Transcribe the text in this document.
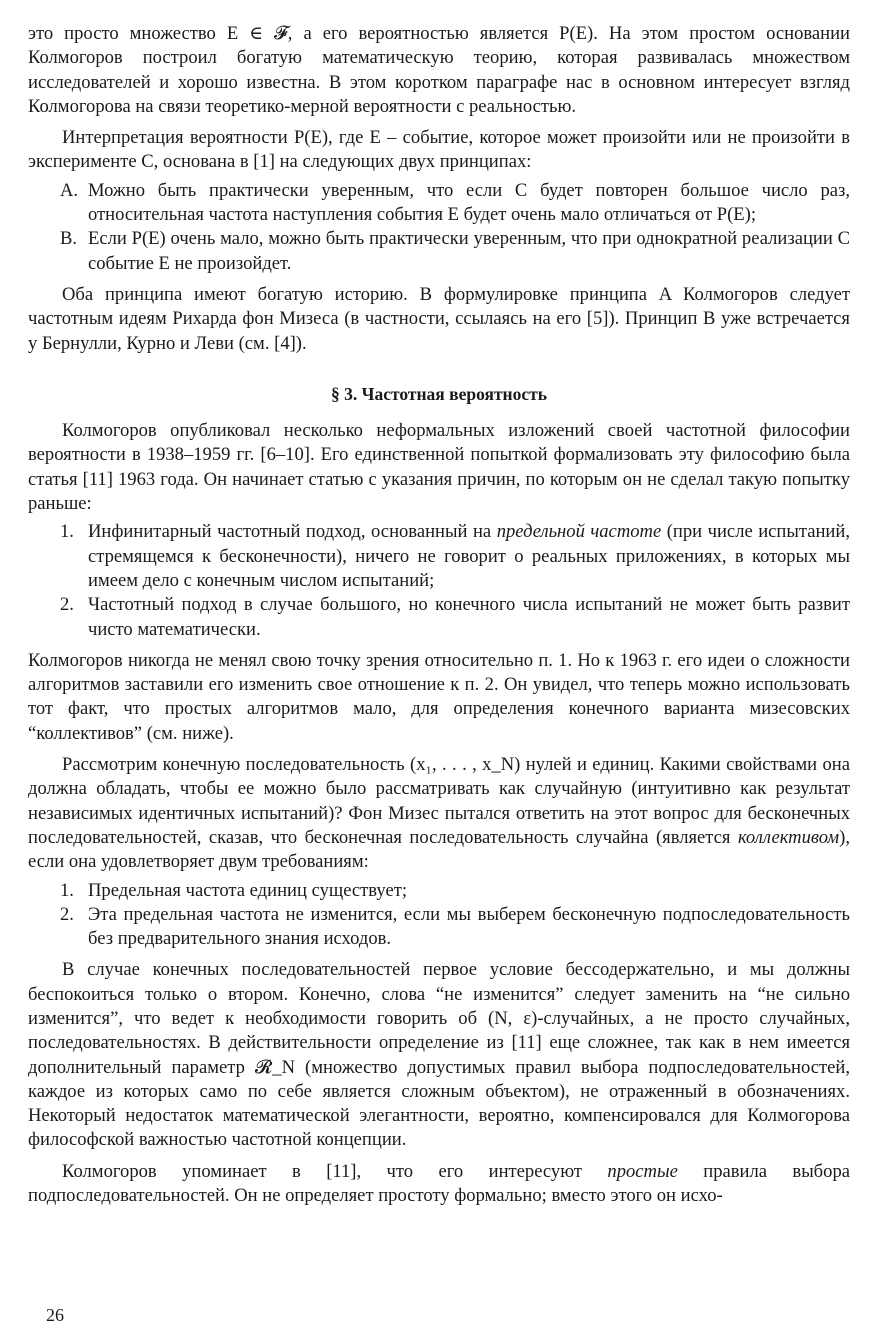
это просто множество E ∈ 𝓕, а его вероятностью является P(E). На этом простом основании Колмогоров построил богатую математическую теорию, которая развивалась множеством исследователей и хорошо известна. В этом коротком параграфе нас в основном интересует взгляд Колмогорова на связи теоретико-мерной вероятности с реальностью.

Интерпретация вероятности P(E), где E – событие, которое может произойти или не произойти в эксперименте C, основана в [1] на следующих двух принципах:

A. Можно быть практически уверенным, что если C будет повторен большое число раз, относительная частота наступления события E будет очень мало отличаться от P(E);
B. Если P(E) очень мало, можно быть практически уверенным, что при однократной реализации C событие E не произойдет.

Оба принципа имеют богатую историю. В формулировке принципа A Колмогоров следует частотным идеям Рихарда фон Мизеса (в частности, ссылаясь на его [5]). Принцип B уже встречается у Бернулли, Курно и Леви (см. [4]).

§ 3. Частотная вероятность

Колмогоров опубликовал несколько неформальных изложений своей частотной философии вероятности в 1938–1959 гг. [6–10]. Его единственной попыткой формализовать эту философию была статья [11] 1963 года. Он начинает статью с указания причин, по которым он не сделал такую попытку раньше:

1. Инфинитарный частотный подход, основанный на предельной частоте (при числе испытаний, стремящемся к бесконечности), ничего не говорит о реальных приложениях, в которых мы имеем дело с конечным числом испытаний;
2. Частотный подход в случае большого, но конечного числа испытаний не может быть развит чисто математически.

Колмогоров никогда не менял свою точку зрения относительно п. 1. Но к 1963 г. его идеи о сложности алгоритмов заставили его изменить свое отношение к п. 2. Он увидел, что теперь можно использовать тот факт, что простых алгоритмов мало, для определения конечного варианта мизесовских “коллективов” (см. ниже).

Рассмотрим конечную последовательность (x₁, . . . , x_N) нулей и единиц. Какими свойствами она должна обладать, чтобы ее можно было рассматривать как случайную (интуитивно как результат независимых идентичных испытаний)? Фон Мизес пытался ответить на этот вопрос для бесконечных последовательностей, сказав, что бесконечная последовательность случайна (является коллективом), если она удовлетворяет двум требованиям:

1. Предельная частота единиц существует;
2. Эта предельная частота не изменится, если мы выберем бесконечную подпоследовательность без предварительного знания исходов.

В случае конечных последовательностей первое условие бессодержательно, и мы должны беспокоиться только о втором. Конечно, слова “не изменится” следует заменить на “не сильно изменится”, что ведет к необходимости говорить об (N, ε)-случайных, а не просто случайных, последовательностях. В действительности определение из [11] еще сложнее, так как в нем имеется дополнительный параметр 𝓡_N (множество допустимых правил выбора подпоследовательностей, каждое из которых само по себе является сложным объектом), не отраженный в обозначениях. Некоторый недостаток математической элегантности, вероятно, компенсировался для Колмогорова философской важностью частотной концепции.

Колмогоров упоминает в [11], что его интересуют простые правила выбора подпоследовательностей. Он не определяет простоту формально; вместо этого он исхо-

26
